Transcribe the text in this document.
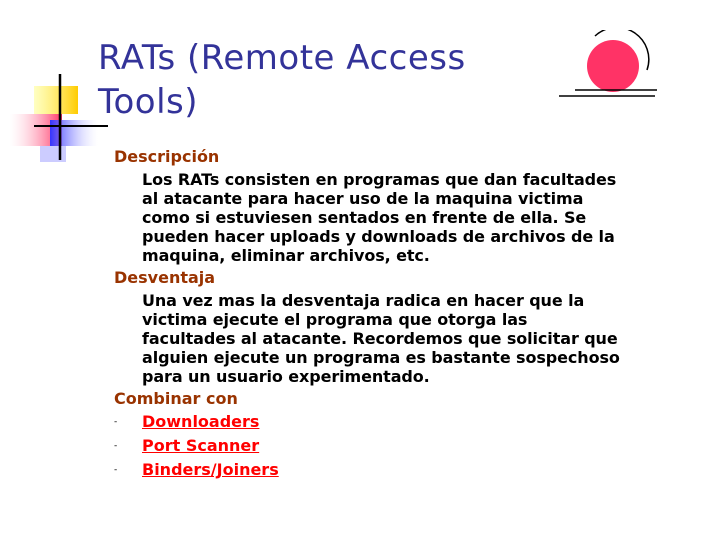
RATs (Remote Access
Tools)
Descripción
Los RATs consisten en programas que dan facultades
al atacante para hacer uso de la maquina victima
como si estuviesen sentados en frente de ella. Se
pueden hacer uploads y downloads de archivos de la
maquina, eliminar archivos, etc.
Desventaja
Una vez mas la desventaja radica en hacer que la
victima ejecute el programa que otorga las
facultades al atacante. Recordemos que solicitar que
alguien ejecute un programa es bastante sospechoso
para un usuario experimentado.
Combinar con
- Downloaders
- Port Scanner
- Binders/Joiners
